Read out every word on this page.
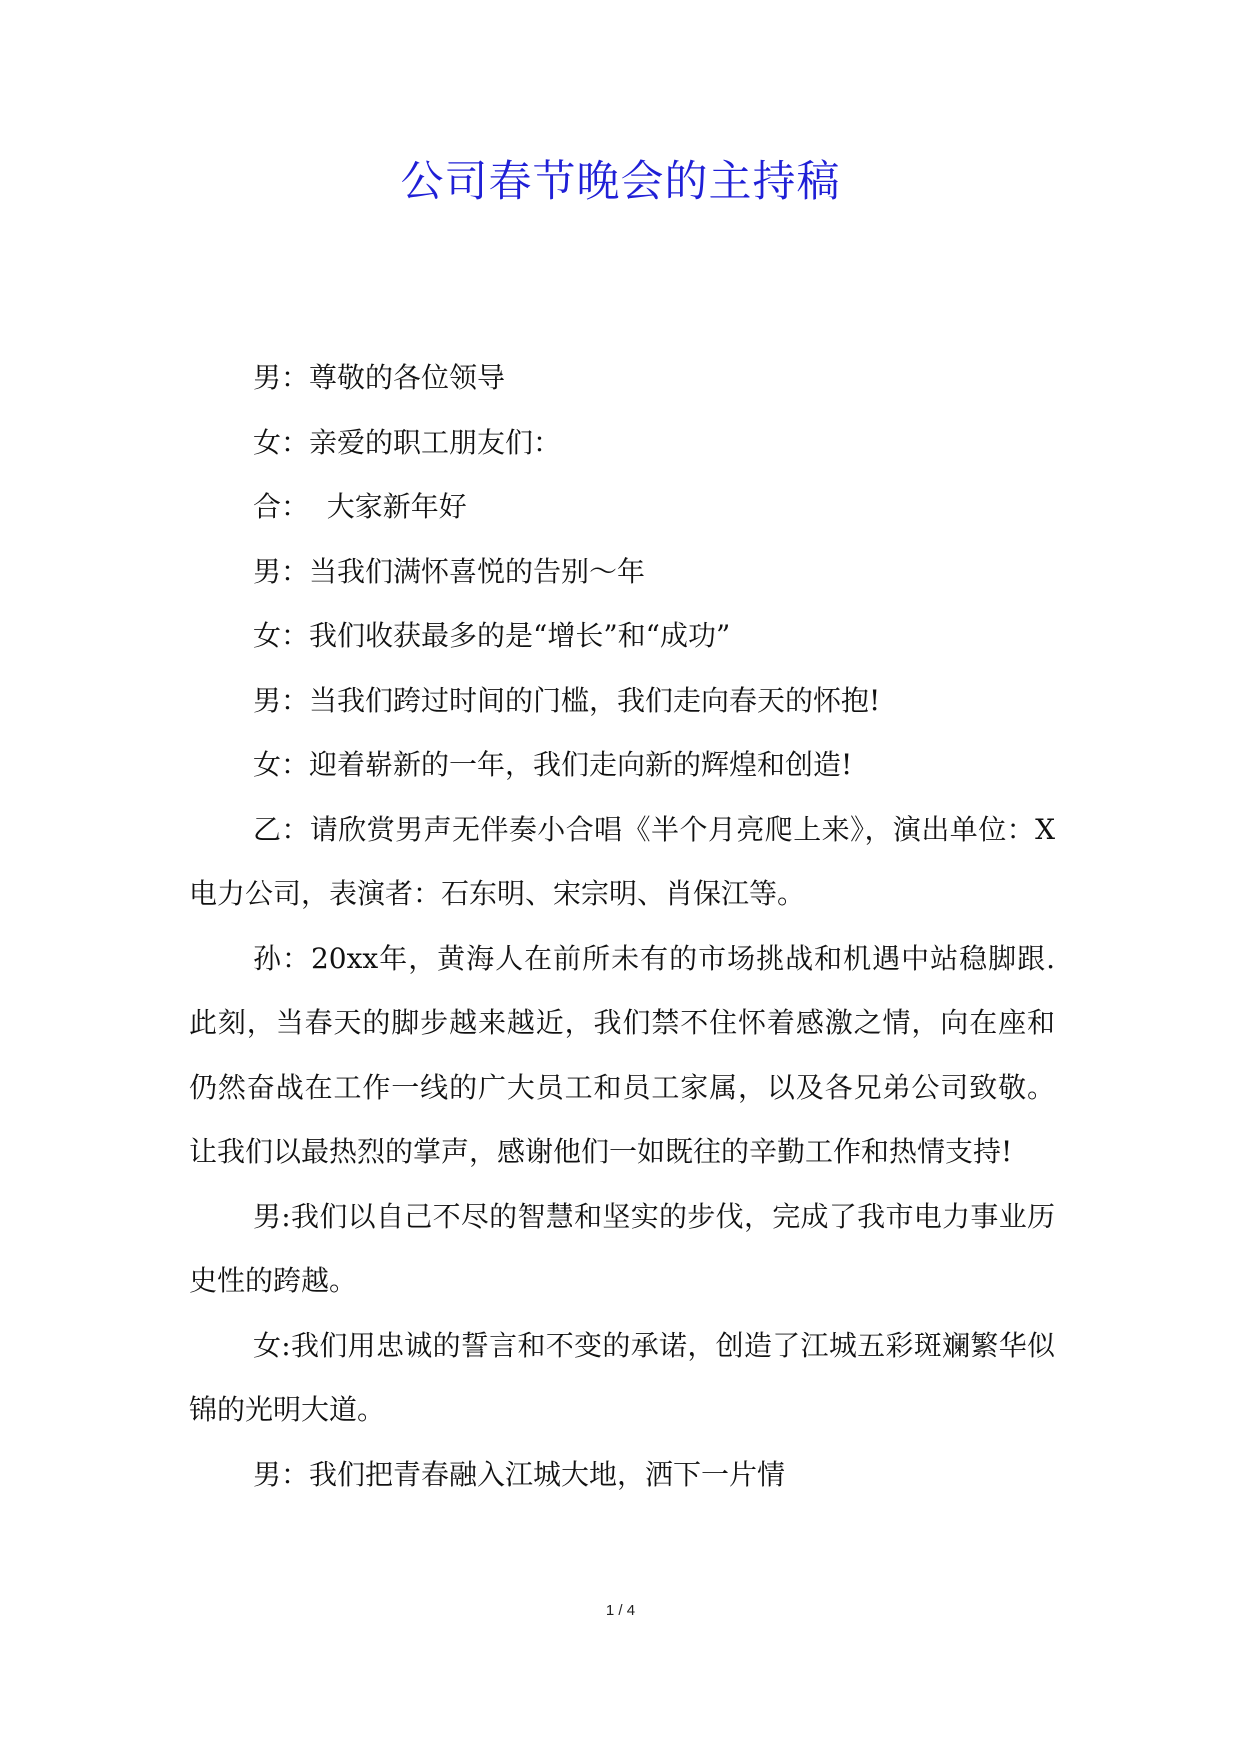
公司春节晚会的主持稿

男：尊敬的各位领导

女：亲爱的职工朋友们：

合：  大家新年好

男：当我们满怀喜悦的告别～年

女：我们收获最多的是“增长”和“成功”

男：当我们跨过时间的门槛，我们走向春天的怀抱!

女：迎着崭新的一年，我们走向新的辉煌和创造!

乙：请欣赏男声无伴奏小合唱《半个月亮爬上来》，演出单位：X电力公司，表演者：石东明、宋宗明、肖保江等。

孙：20xx年，黄海人在前所未有的市场挑战和机遇中站稳脚跟.此刻，当春天的脚步越来越近，我们禁不住怀着感激之情，向在座和仍然奋战在工作一线的广大员工和员工家属，以及各兄弟公司致敬。让我们以最热烈的掌声，感谢他们一如既往的辛勤工作和热情支持!

男:我们以自己不尽的智慧和坚实的步伐，完成了我市电力事业历史性的跨越。

女:我们用忠诚的誓言和不变的承诺，创造了江城五彩斑斓繁华似锦的光明大道。

男：我们把青春融入江城大地，洒下一片情

1 / 4
